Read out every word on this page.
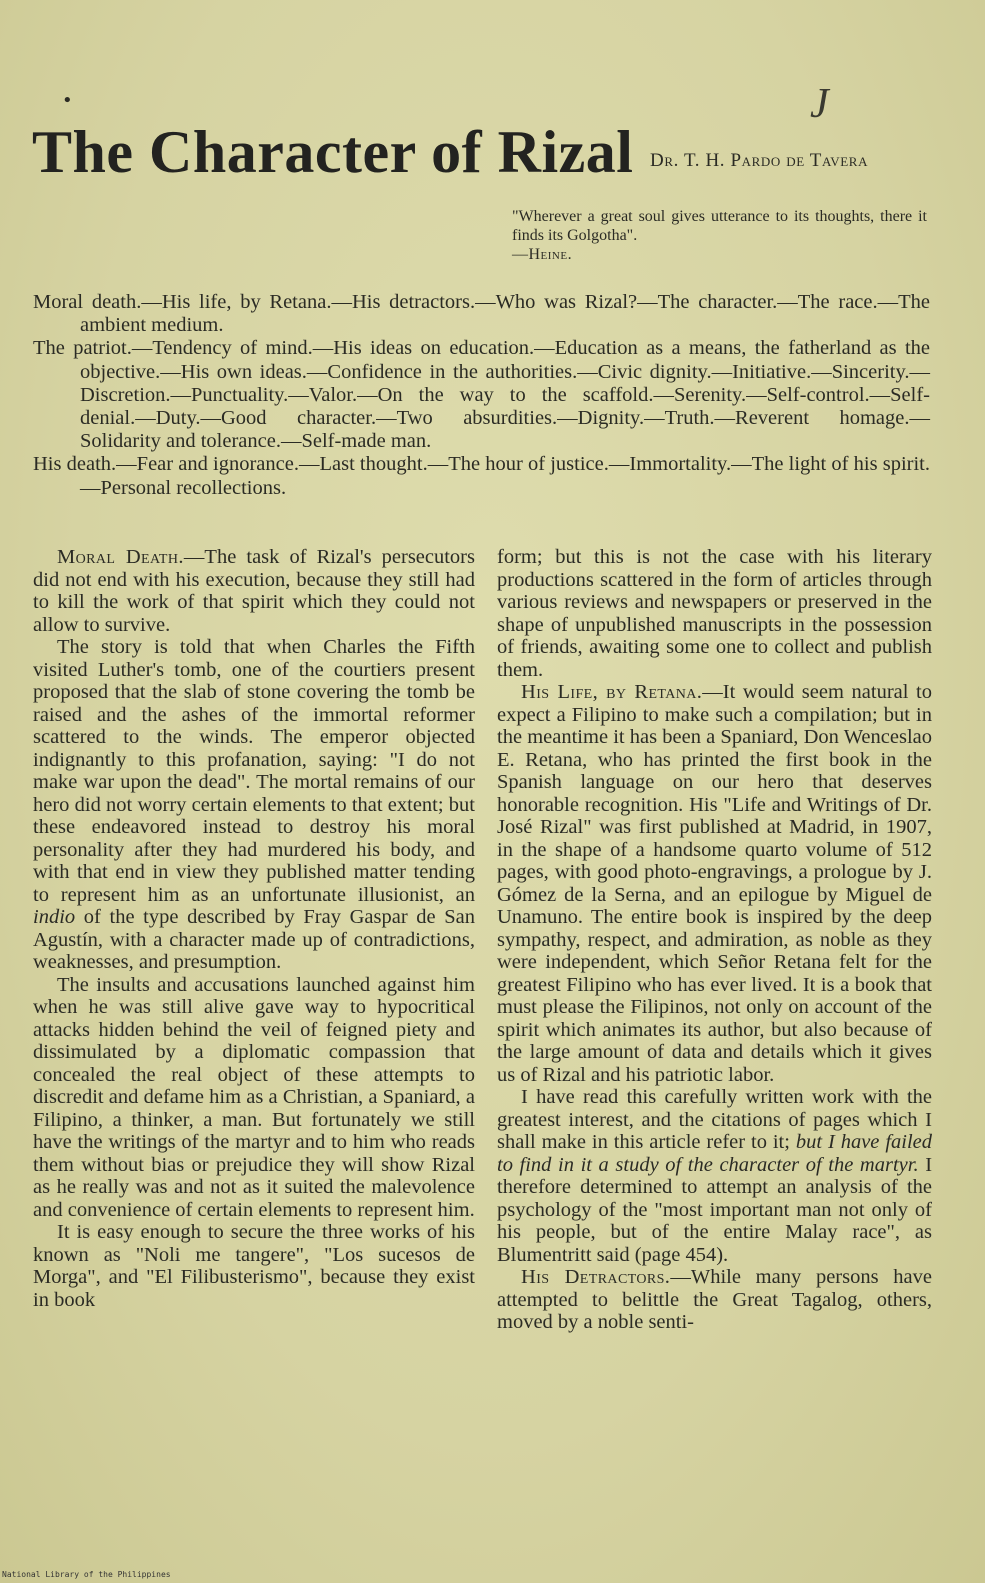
•	J
The Character of Rizal Dr. T. H. Pardo de Tavera
"Wherever a great soul gives utterance to its thoughts, there it finds its Golgotha".
—Heine.

Moral death.—His life, by Retana.—His detractors.—Who was Rizal?—The character.—The race.—The ambient medium.

The patriot.—Tendency of mind.—His ideas on education.—Education as a means, the fatherland as the objective.—His own ideas.—Confidence in the authorities.—Civic dignity.—Initiative.—Sincerity.—Discretion.—Punctuality.—Valor.—On the way to the scaffold.—Serenity.—Self-control.—Self-denial.—Duty.—Good character.—Two absurdities.—Dignity.—Truth.—Reverent homage.—Solidarity and tolerance.—Self-made man.

His death.—Fear and ignorance.—Last thought.—The hour of justice.—Immortality.—The light of his spirit.—Personal recollections.

Moral Death.—The task of Rizal's persecutors did not end with his execution, because they still had to kill the work of that spirit which they could not allow to survive.

The story is told that when Charles the Fifth visited Luther's tomb, one of the courtiers present proposed that the slab of stone covering the tomb be raised and the ashes of the immortal reformer scattered to the winds. The emperor objected indignantly to this profanation, saying: "I do not make war upon the dead". The mortal remains of our hero did not worry certain elements to that extent; but these endeavored instead to destroy his moral personality after they had murdered his body, and with that end in view they published matter tending to represent him as an unfortunate illusionist, an indio of the type described by Fray Gaspar de San Agustín, with a character made up of contradictions, weaknesses, and presumption.

The insults and accusations launched against him when he was still alive gave way to hypocritical attacks hidden behind the veil of feigned piety and dissimulated by a diplomatic compassion that concealed the real object of these attempts to discredit and defame him as a Christian, a Spaniard, a Filipino, a thinker, a man. But fortunately we still have the writings of the martyr and to him who reads them without bias or prejudice they will show Rizal as he really was and not as it suited the malevolence and convenience of certain elements to represent him.

It is easy enough to secure the three works of his known as "Noli me tangere", "Los sucesos de Morga", and "El Filibusterismo", because they exist in book

form; but this is not the case with his literary productions scattered in the form of articles through various reviews and newspapers or preserved in the shape of unpublished manuscripts in the possession of friends, awaiting some one to collect and publish them.

His Life, by Retana.—It would seem natural to expect a Filipino to make such a compilation; but in the meantime it has been a Spaniard, Don Wenceslao E. Retana, who has printed the first book in the Spanish language on our hero that deserves honorable recognition. His "Life and Writings of Dr. José Rizal" was first published at Madrid, in 1907, in the shape of a handsome quarto volume of 512 pages, with good photo-engravings, a prologue by J. Gómez de la Serna, and an epilogue by Miguel de Unamuno. The entire book is inspired by the deep sympathy, respect, and admiration, as noble as they were independent, which Señor Retana felt for the greatest Filipino who has ever lived. It is a book that must please the Filipinos, not only on account of the spirit which animates its author, but also because of the large amount of data and details which it gives us of Rizal and his patriotic labor.

I have read this carefully written work with the greatest interest, and the citations of pages which I shall make in this article refer to it; but I have failed to find in it a study of the character of the martyr. I therefore determined to attempt an analysis of the psychology of the "most important man not only of his people, but of the entire Malay race", as Blumentritt said (page 454).

His Detractors.—While many persons have attempted to belittle the Great Tagalog, others, moved by a noble senti-

National Library of the Philippines
